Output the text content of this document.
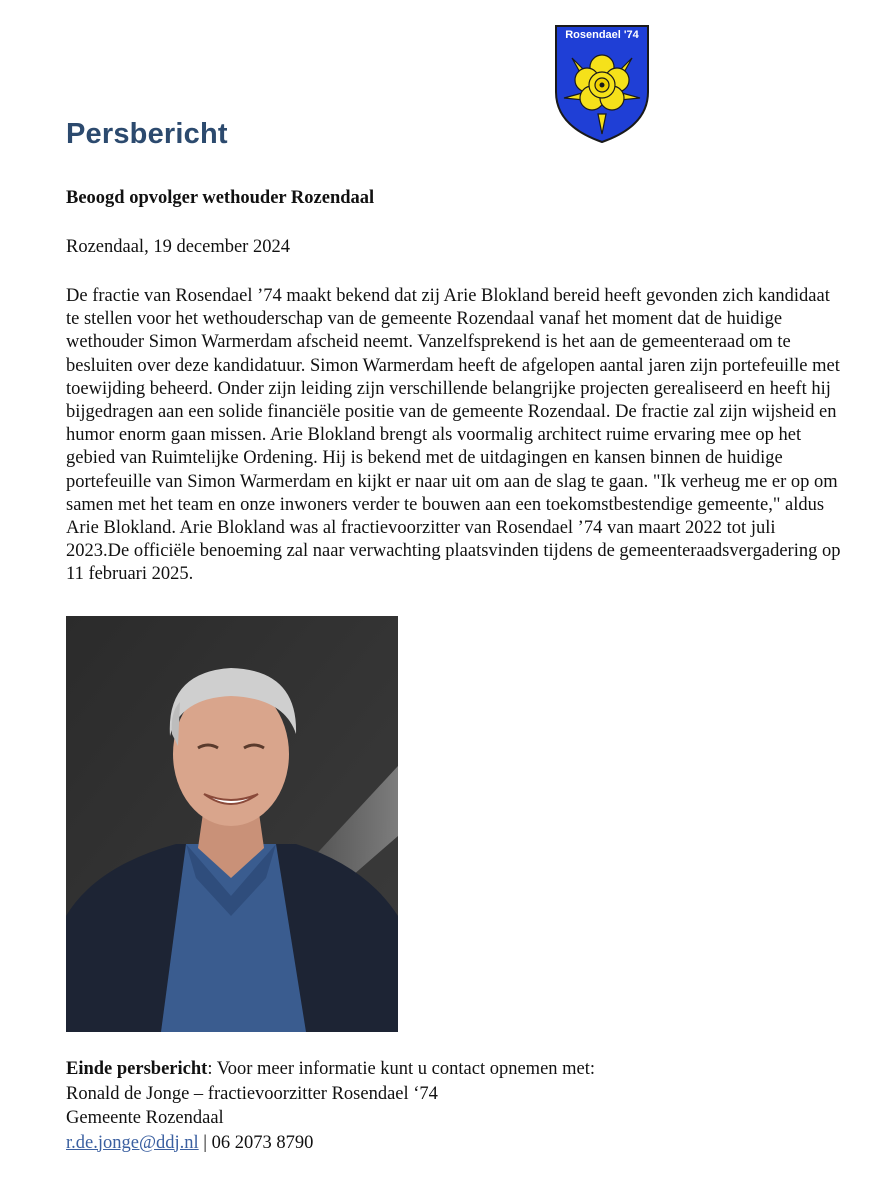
Rosendael '74
Persbericht
Beoogd opvolger wethouder Rozendaal
Rozendaal, 19 december 2024

De fractie van Rosendael ’74 maakt bekend dat zij Arie Blokland bereid heeft gevonden zich kandidaat te stellen voor het wethouderschap van de gemeente Rozendaal vanaf het moment dat de huidige wethouder Simon Warmerdam afscheid neemt. Vanzelfsprekend is het aan de gemeenteraad om te besluiten over deze kandidatuur. Simon Warmerdam heeft de afgelopen aantal jaren zijn portefeuille met toewijding beheerd. Onder zijn leiding zijn verschillende belangrijke projecten gerealiseerd en heeft hij bijgedragen aan een solide financiële positie van de gemeente Rozendaal. De fractie zal zijn wijsheid en humor enorm gaan missen. Arie Blokland brengt als voormalig architect ruime ervaring mee op het gebied van Ruimtelijke Ordening. Hij is bekend met de uitdagingen en kansen binnen de huidige portefeuille van Simon Warmerdam en kijkt er naar uit om aan de slag te gaan. "Ik verheug me er op om samen met het team en onze inwoners verder te bouwen aan een toekomstbestendige gemeente," aldus Arie Blokland. Arie Blokland was al fractievoorzitter van Rosendael ’74 van maart 2022 tot juli 2023.De officiële benoeming zal naar verwachting plaatsvinden tijdens de gemeenteraadsvergadering op 11 februari 2025.

Einde persbericht: Voor meer informatie kunt u contact opnemen met:
Ronald de Jonge – fractievoorzitter Rosendael ‘74
Gemeente Rozendaal
r.de.jonge@ddj.nl | 06 2073 8790
